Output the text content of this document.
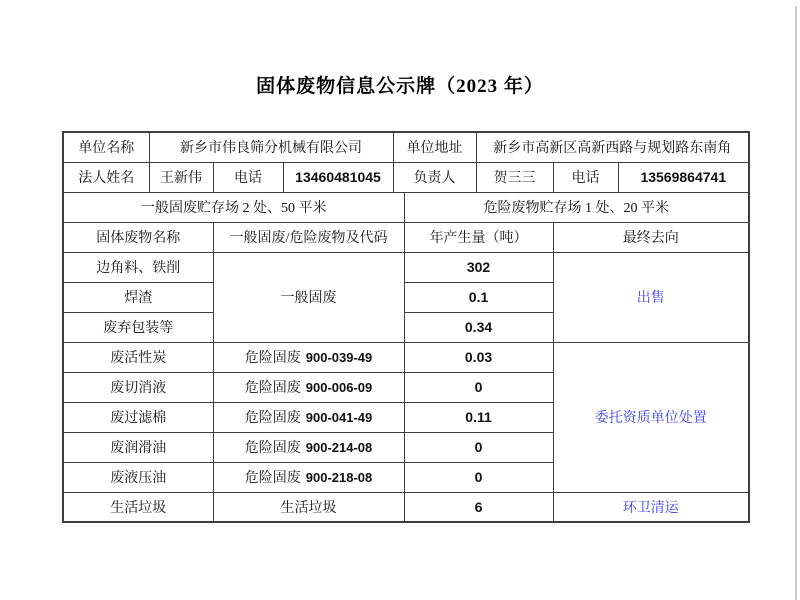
固体废物信息公示牌（2023 年）
单位名称	新乡市伟良筛分机械有限公司			单位地址		新乡市高新区高新西路与规划路东南角		
法人姓名	王新伟	电话	13460481045	负责人		贺三三	电话	13569864741
一般固废贮存场 2 处、50 平米					危险废物贮存场 1 处、20 平米			
固体废物名称		一般固废/危险废物及代码			年产生量（吨）		最终去向	
边角料、铁削		一般固废			302		出售	
焊渣					0.1			
废弃包装等					0.34			
废活性炭		危险固废 900-039-49			0.03		委托资质单位处置	
废切消液		危险固废 900-006-09			0			
废过滤棉		危险固废 900-041-49			0.11			
废润滑油		危险固废 900-214-08			0			
废液压油		危险固废 900-218-08			0			
生活垃圾		生活垃圾			6		环卫清运	
